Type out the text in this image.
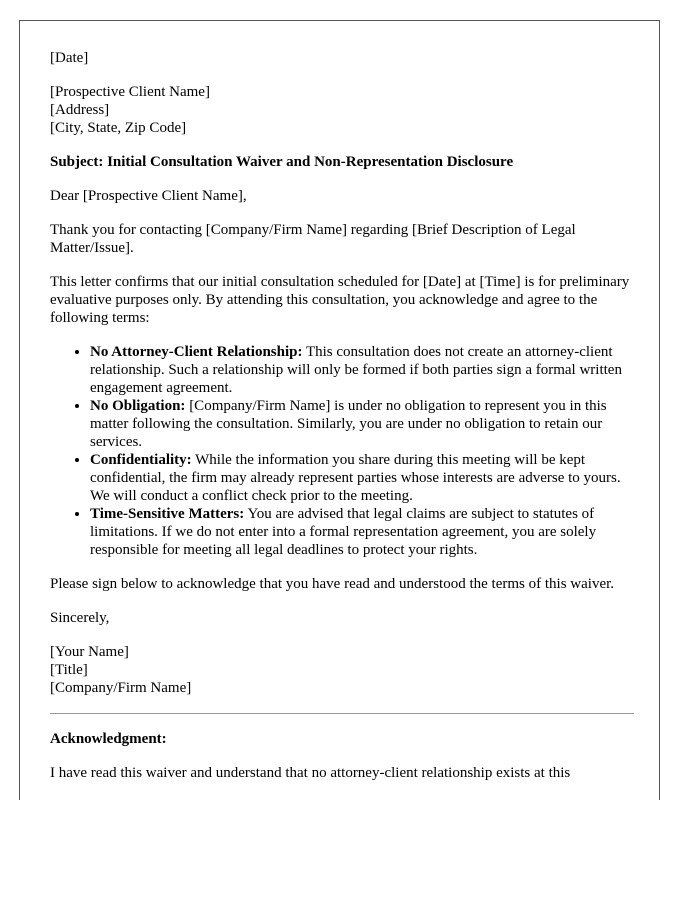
[Date]

[Prospective Client Name]
[Address]
[City, State, Zip Code]

Subject: Initial Consultation Waiver and Non-Representation Disclosure

Dear [Prospective Client Name],

Thank you for contacting [Company/Firm Name] regarding [Brief Description of Legal Matter/Issue].

This letter confirms that our initial consultation scheduled for [Date] at [Time] is for preliminary evaluative purposes only. By attending this consultation, you acknowledge and agree to the following terms:

• No Attorney-Client Relationship: This consultation does not create an attorney-client relationship. Such a relationship will only be formed if both parties sign a formal written engagement agreement.
• No Obligation: [Company/Firm Name] is under no obligation to represent you in this matter following the consultation. Similarly, you are under no obligation to retain our services.
• Confidentiality: While the information you share during this meeting will be kept confidential, the firm may already represent parties whose interests are adverse to yours. We will conduct a conflict check prior to the meeting.
• Time-Sensitive Matters: You are advised that legal claims are subject to statutes of limitations. If we do not enter into a formal representation agreement, you are solely responsible for meeting all legal deadlines to protect your rights.

Please sign below to acknowledge that you have read and understood the terms of this waiver.

Sincerely,

[Your Name]
[Title]
[Company/Firm Name]

Acknowledgment:

I have read this waiver and understand that no attorney-client relationship exists at this
